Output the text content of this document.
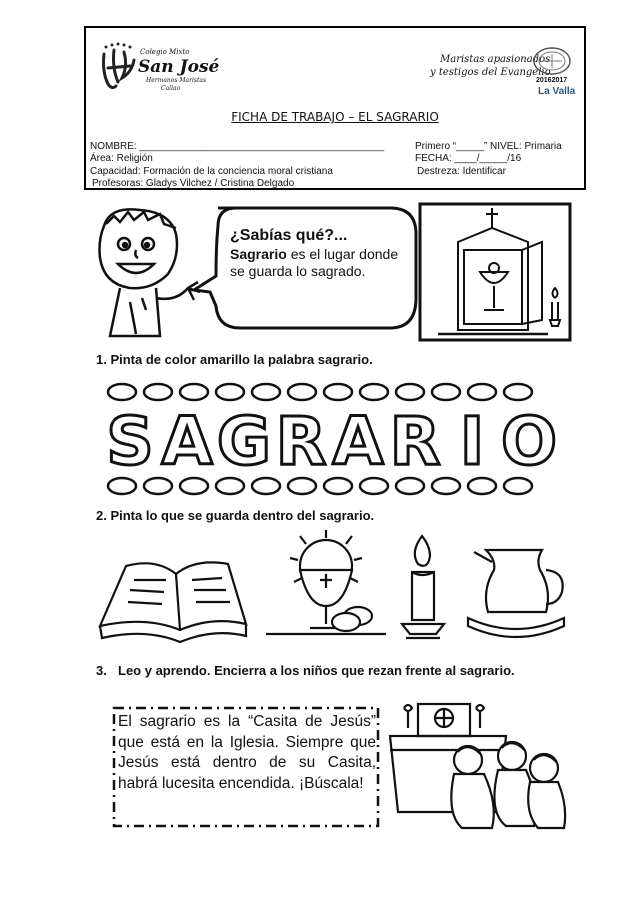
Colegio Mixto
San José
Hermanos Maristas
Callao
Maristas apasionados
y testigos del Evangelio
20162017
La Valla
FICHA DE TRABAJO – EL SAGRARIO
NOMBRE: ____________________________________________	Primero “_____” NIVEL: Primaria
Área: Religión	FECHA: ____/_____/16
Capacidad: Formación de la conciencia moral cristiana	Destreza: Identificar
Profesoras: Gladys Vilchez / Cristina Delgado
¿Sabías qué?...
Sagrario es el lugar donde se guarda lo sagrado.
1. Pinta de color amarillo la palabra sagrario.
S A G R A R I O
2. Pinta lo que se guarda dentro del sagrario.
3. Leo y aprendo. Encierra a los niños que rezan frente al sagrario.
El sagrario es la “Casita de Jesús” que está en la Iglesia. Siempre que Jesús está dentro de su Casita, habrá lucesita encendida. ¡Búscala!
